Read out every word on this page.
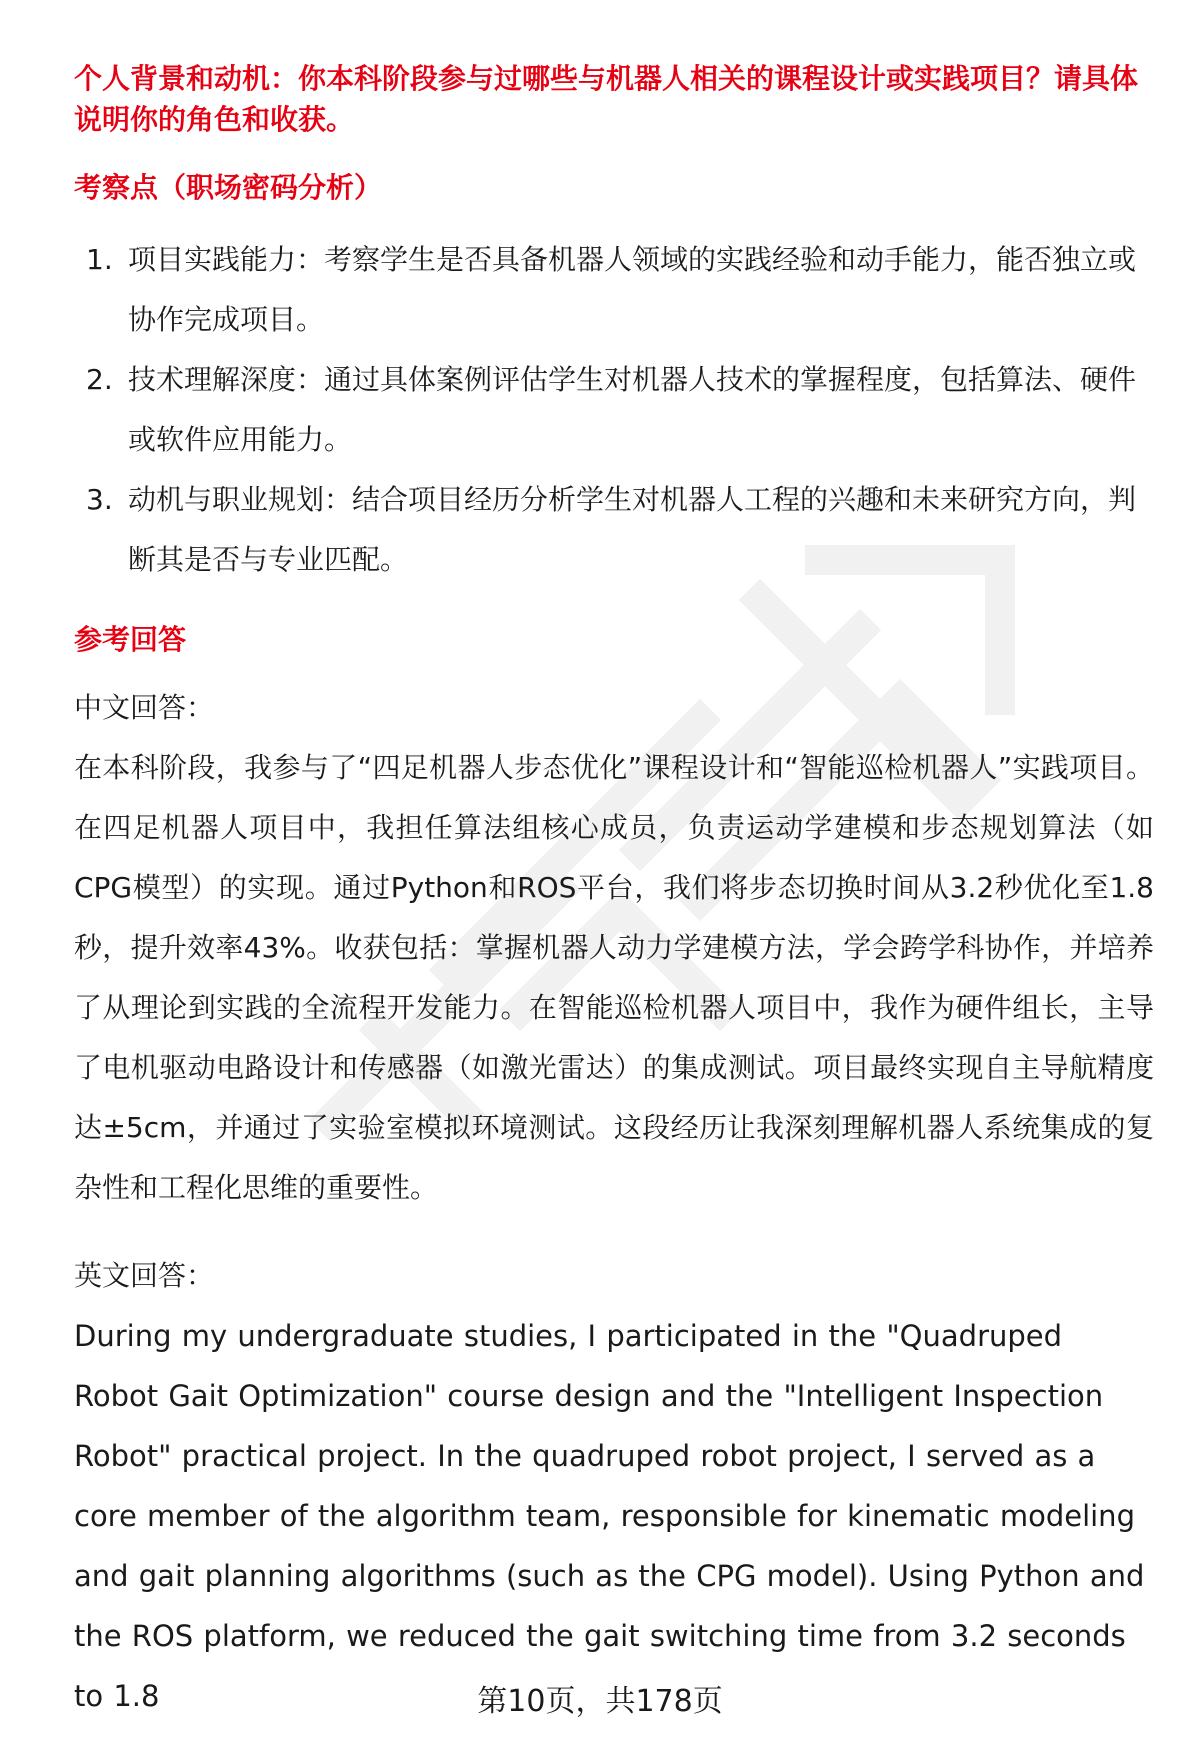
个人背景和动机：你本科阶段参与过哪些与机器人相关的课程设计或实践项目？请具体说明你的角色和收获。

考察点（职场密码分析）

1. 项目实践能力：考察学生是否具备机器人领域的实践经验和动手能力，能否独立或协作完成项目。
2. 技术理解深度：通过具体案例评估学生对机器人技术的掌握程度，包括算法、硬件或软件应用能力。
3. 动机与职业规划：结合项目经历分析学生对机器人工程的兴趣和未来研究方向，判断其是否与专业匹配。

参考回答

中文回答：

在本科阶段，我参与了“四足机器人步态优化”课程设计和“智能巡检机器人”实践项目。在四足机器人项目中，我担任算法组核心成员，负责运动学建模和步态规划算法（如CPG模型）的实现。通过Python和ROS平台，我们将步态切换时间从3.2秒优化至1.8秒，提升效率43%。收获包括：掌握机器人动力学建模方法，学会跨学科协作，并培养了从理论到实践的全流程开发能力。在智能巡检机器人项目中，我作为硬件组长，主导了电机驱动电路设计和传感器（如激光雷达）的集成测试。项目最终实现自主导航精度达±5cm，并通过了实验室模拟环境测试。这段经历让我深刻理解机器人系统集成的复杂性和工程化思维的重要性。

英文回答：

During my undergraduate studies, I participated in the "Quadruped Robot Gait Optimization" course design and the "Intelligent Inspection Robot" practical project. In the quadruped robot project, I served as a core member of the algorithm team, responsible for kinematic modeling and gait planning algorithms (such as the CPG model). Using Python and the ROS platform, we reduced the gait switching time from 3.2 seconds to 1.8	第10页，共178页
